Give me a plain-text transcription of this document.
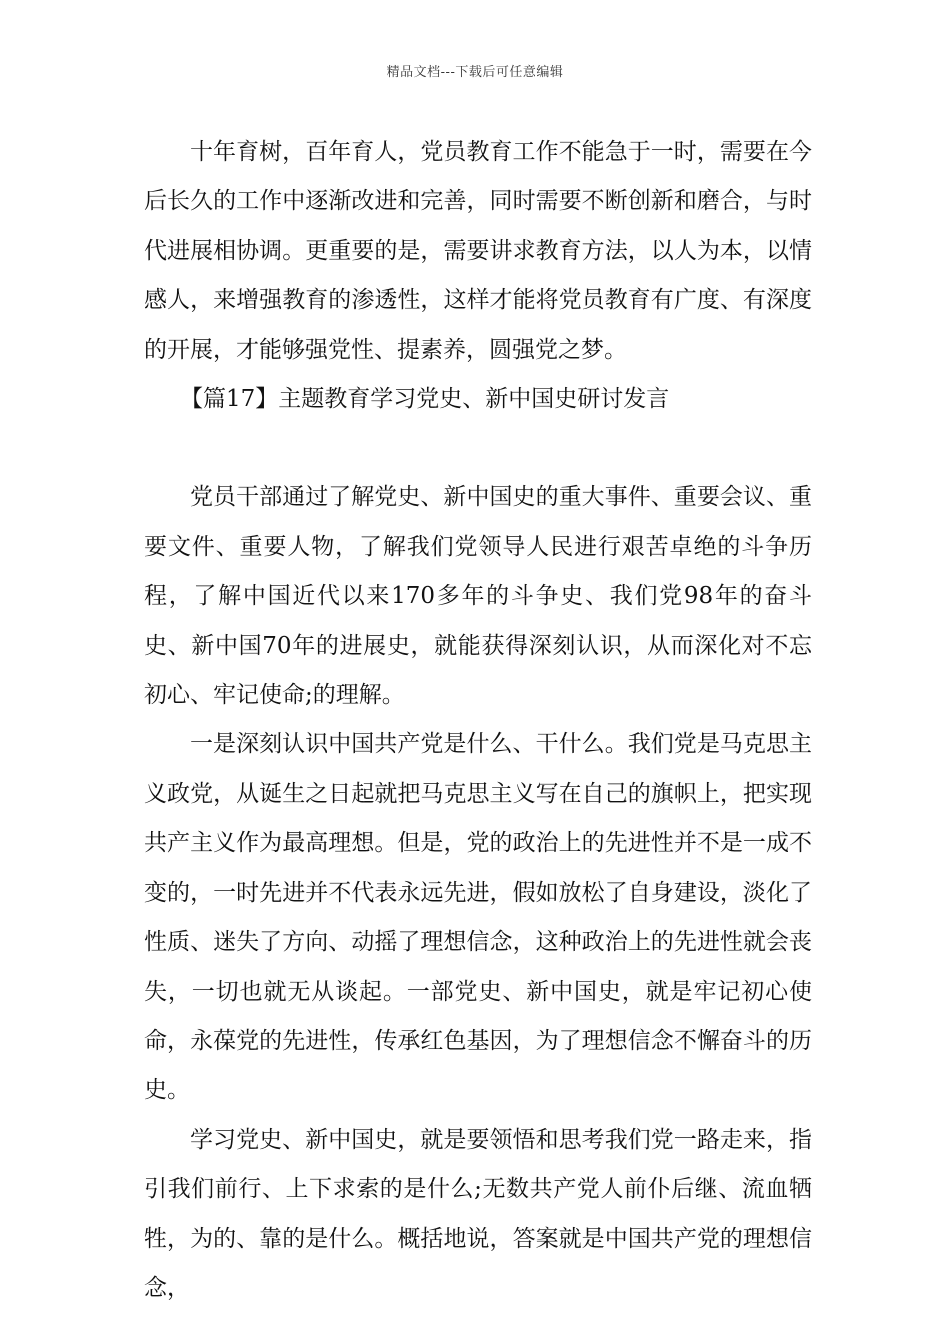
精品文档---下载后可任意编辑

十年育树，百年育人，党员教育工作不能急于一时，需要在今后长久的工作中逐渐改进和完善，同时需要不断创新和磨合，与时代进展相协调。更重要的是，需要讲求教育方法，以人为本，以情感人，来增强教育的渗透性，这样才能将党员教育有广度、有深度的开展，才能够强党性、提素养，圆强党之梦。

【篇17】主题教育学习党史、新中国史研讨发言

党员干部通过了解党史、新中国史的重大事件、重要会议、重要文件、重要人物，了解我们党领导人民进行艰苦卓绝的斗争历程，了解中国近代以来170多年的斗争史、我们党98年的奋斗史、新中国70年的进展史，就能获得深刻认识，从而深化对不忘初心、牢记使命;的理解。

一是深刻认识中国共产党是什么、干什么。我们党是马克思主义政党，从诞生之日起就把马克思主义写在自己的旗帜上，把实现共产主义作为最高理想。但是，党的政治上的先进性并不是一成不变的，一时先进并不代表永远先进，假如放松了自身建设，淡化了性质、迷失了方向、动摇了理想信念，这种政治上的先进性就会丧失，一切也就无从谈起。一部党史、新中国史，就是牢记初心使命，永葆党的先进性，传承红色基因，为了理想信念不懈奋斗的历史。

学习党史、新中国史，就是要领悟和思考我们党一路走来，指引我们前行、上下求索的是什么;无数共产党人前仆后继、流血牺牲，为的、靠的是什么。概括地说，答案就是中国共产党的理想信念，
